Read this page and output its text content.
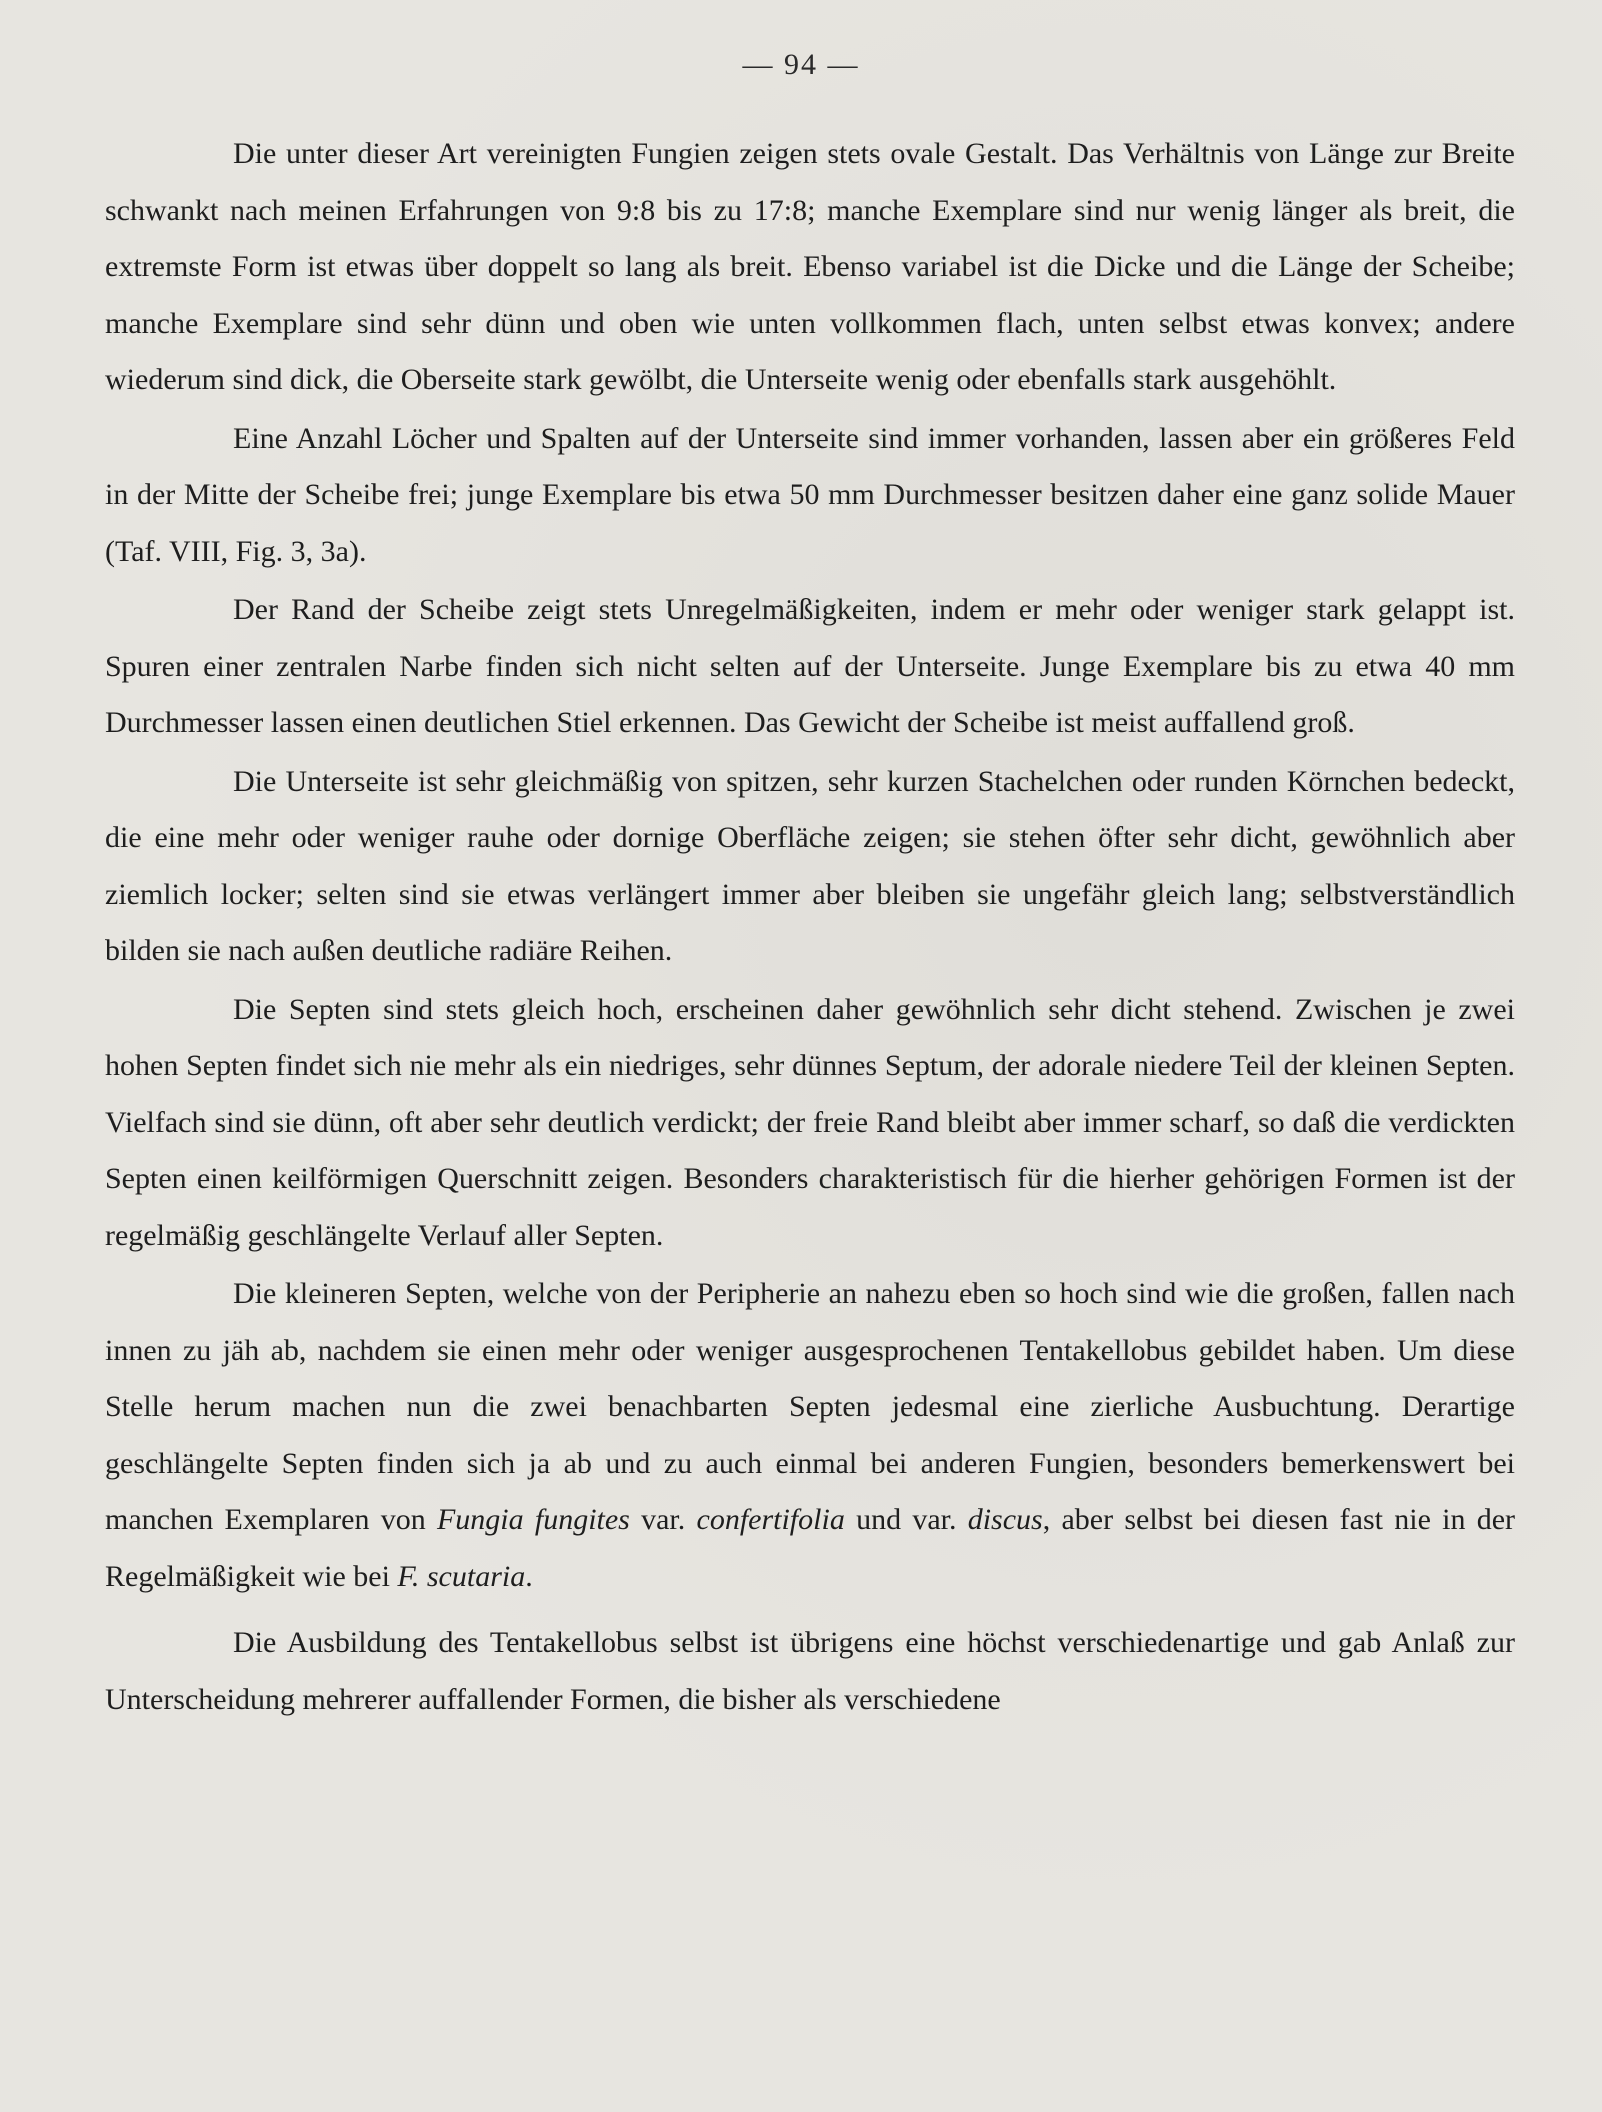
— 94 —

Die unter dieser Art vereinigten Fungien zeigen stets ovale Gestalt. Das Verhältnis von Länge zur Breite schwankt nach meinen Erfahrungen von 9:8 bis zu 17:8; manche Exemplare sind nur wenig länger als breit, die extremste Form ist etwas über doppelt so lang als breit. Ebenso variabel ist die Dicke und die Länge der Scheibe; manche Exemplare sind sehr dünn und oben wie unten vollkommen flach, unten selbst etwas konvex; andere wiederum sind dick, die Oberseite stark gewölbt, die Unterseite wenig oder ebenfalls stark ausgehöhlt.

Eine Anzahl Löcher und Spalten auf der Unterseite sind immer vorhanden, lassen aber ein größeres Feld in der Mitte der Scheibe frei; junge Exemplare bis etwa 50 mm Durchmesser besitzen daher eine ganz solide Mauer (Taf. VIII, Fig. 3, 3a).

Der Rand der Scheibe zeigt stets Unregelmäßigkeiten, indem er mehr oder weniger stark gelappt ist. Spuren einer zentralen Narbe finden sich nicht selten auf der Unterseite. Junge Exemplare bis zu etwa 40 mm Durchmesser lassen einen deutlichen Stiel erkennen. Das Gewicht der Scheibe ist meist auffallend groß.

Die Unterseite ist sehr gleichmäßig von spitzen, sehr kurzen Stachelchen oder runden Körnchen bedeckt, die eine mehr oder weniger rauhe oder dornige Oberfläche zeigen; sie stehen öfter sehr dicht, gewöhnlich aber ziemlich locker; selten sind sie etwas verlängert immer aber bleiben sie ungefähr gleich lang; selbstverständlich bilden sie nach außen deutliche radiäre Reihen.

Die Septen sind stets gleich hoch, erscheinen daher gewöhnlich sehr dicht stehend. Zwischen je zwei hohen Septen findet sich nie mehr als ein niedriges, sehr dünnes Septum, der adorale niedere Teil der kleinen Septen. Vielfach sind sie dünn, oft aber sehr deutlich verdickt; der freie Rand bleibt aber immer scharf, so daß die verdickten Septen einen keilförmigen Querschnitt zeigen. Besonders charakteristisch für die hierher gehörigen Formen ist der regelmäßig geschlängelte Verlauf aller Septen.

Die kleineren Septen, welche von der Peripherie an nahezu eben so hoch sind wie die großen, fallen nach innen zu jäh ab, nachdem sie einen mehr oder weniger ausgesprochenen Tentakellobus gebildet haben. Um diese Stelle herum machen nun die zwei benachbarten Septen jedesmal eine zierliche Ausbuchtung. Derartige geschlängelte Septen finden sich ja ab und zu auch einmal bei anderen Fungien, besonders bemerkenswert bei manchen Exemplaren von Fungia fungites var. confertifolia und var. discus, aber selbst bei diesen fast nie in der Regelmäßigkeit wie bei F. scutaria.

Die Ausbildung des Tentakellobus selbst ist übrigens eine höchst verschiedenartige und gab Anlaß zur Unterscheidung mehrerer auffallender Formen, die bisher als verschiedene
